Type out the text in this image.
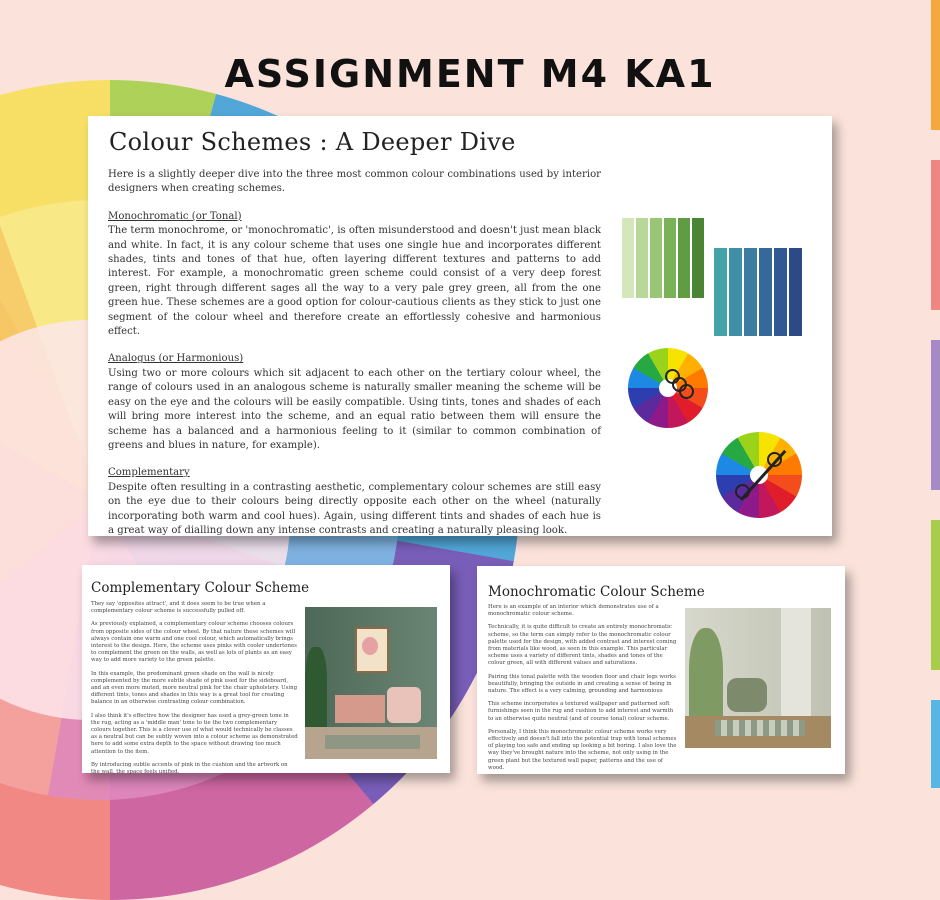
ASSIGNMENT M4 KA1
Colour Schemes : A Deeper Dive

Here is a slightly deeper dive into the three most common colour combinations used by interior designers when creating schemes.

Monochromatic (or Tonal)
The term monochrome, or 'monochromatic', is often misunderstood and doesn't just mean black and white. In fact, it is any colour scheme that uses one single hue and incorporates different shades, tints and tones of that hue, often layering different textures and patterns to add interest. For example, a monochromatic green scheme could consist of a very deep forest green, right through different sages all the way to a very pale grey green, all from the one green hue. These schemes are a good option for colour-cautious clients as they stick to just one segment of the colour wheel and therefore create an effortlessly cohesive and harmonious effect.

Analogus (or Harmonious)
Using two or more colours which sit adjacent to each other on the tertiary colour wheel, the range of colours used in an analogous scheme is naturally smaller meaning the scheme will be easy on the eye and the colours will be easily compatible. Using tints, tones and shades of each will bring more interest into the scheme, and an equal ratio between them will ensure the scheme has a balanced and a harmonious feeling to it (similar to common combination of greens and blues in nature, for example).

Complementary
Despite often resulting in a contrasting aesthetic, complementary colour schemes are still easy on the eye due to their colours being directly opposite each other on the wheel (naturally incorporating both warm and cool hues). Again, using different tints and shades of each hue is a great way of dialling down any intense contrasts and creating a naturally pleasing look.

Complementary Colour Scheme

They say 'opposites attract', and it does seem to be true when a complementary colour scheme is successfully pulled off.

As previously explained, a complementary colour scheme chooses colours from opposite sides of the colour wheel. By that nature these schemes will always contain one warm and one cool colour, which automatically brings interest to the design. Here, the scheme uses pinks with cooler undertones to complement the green on the walls, as well as lots of plants as an easy way to add more variety to the green palette.

In this example, the predominant green shade on the wall is nicely complemented by the more subtle shade of pink used for the sideboard, and an even more muted, more neutral pink for the chair upholstery. Using different tints, tones and shades in this way is a great tool for creating balance in an otherwise contrasting colour combination.

I also think it's effective how the designer has used a grey-green tone in the rug, acting as a 'middle man' tone to tie the two complementary colours together. This is a clever use of what would technically be classes as a neutral but can be subtly woven into a colour scheme as demonstrated here to add some extra depth to the space without drawing too much attention to the item.

By introducing subtle accents of pink in the cushion and the artwork on the wall, the space feels unified.

Monochromatic Colour Scheme

Here is an example of an interior which demonstrates use of a monochromatic colour scheme.

Technically, it is quite difficult to create an entirely monochromatic scheme, so the term can simply refer to the monochromatic colour palette used for the design, with added contrast and interest coming from materials like wood, as seen in this example. This particular scheme uses a variety of different tints, shades and tones of the colour green, all with different values and saturations.

Pairing this tonal palette with the wooden floor and chair legs works beautifully, bringing the outside in and creating a sense of being in nature. The effect is a very calming, grounding and harmonious

This scheme incorporates a textured wallpaper and patterned soft furnishings seen in the rug and cushion to add interest and warmth to an otherwise quite neutral (and of course tonal) colour scheme.

Personally, I think this monochromatic colour scheme works very effectively and doesn't fall into the potential trap with tonal schemes of playing too safe and ending up looking a bit boring. I also love the way they've brought nature into the scheme, not only using in the green plant but the textured wall paper, patterns and the use of wood.
